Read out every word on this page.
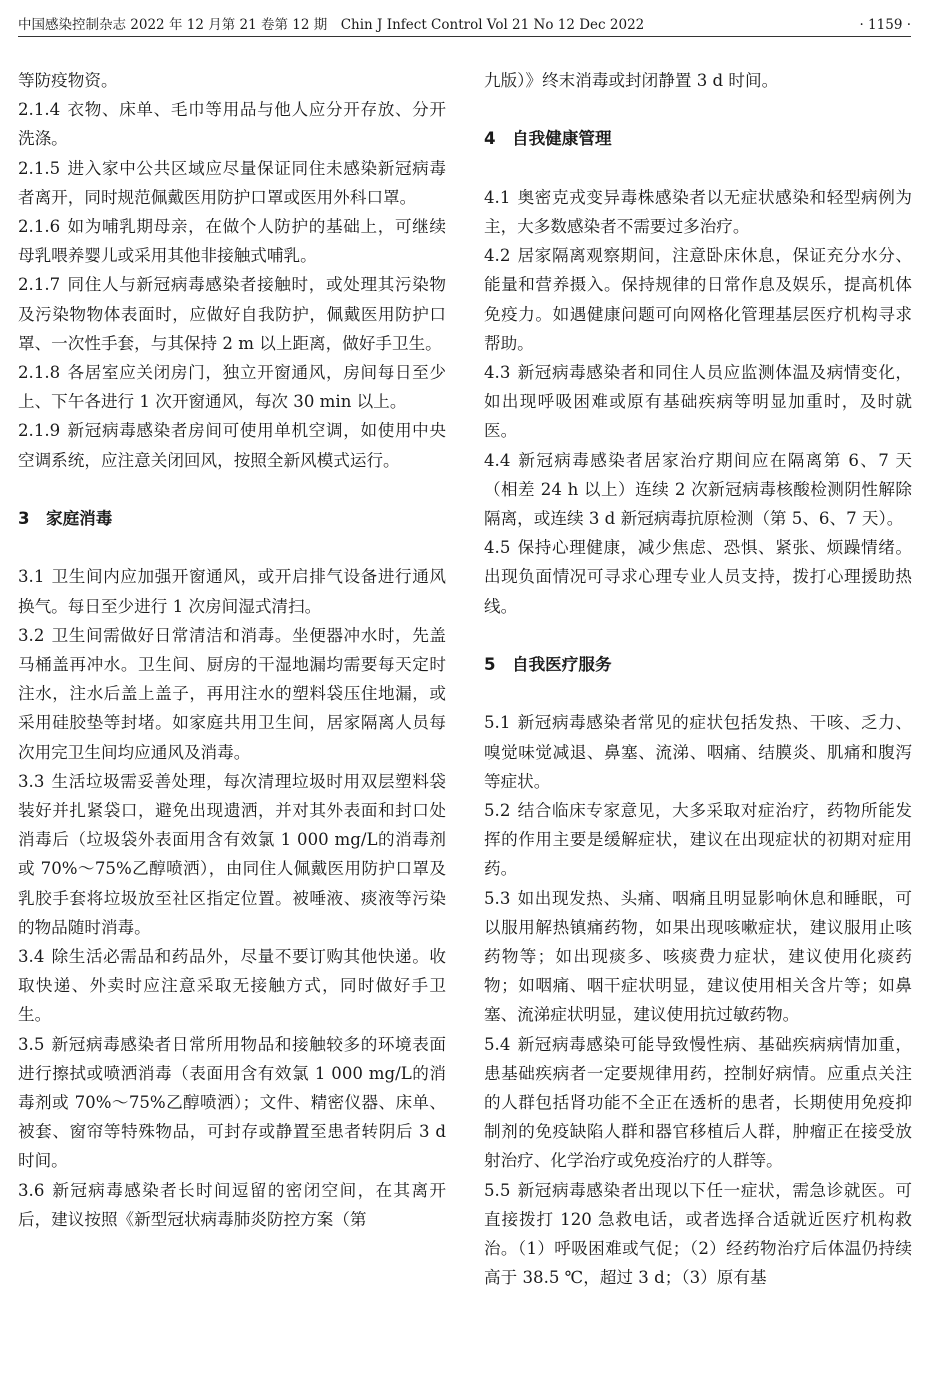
中国感染控制杂志 2022 年 12 月第 21 卷第 12 期　Chin J Infect Control Vol 21 No 12 Dec 2022	· 1159 ·

等防疫物资。

2.1.4 衣物、床单、毛巾等用品与他人应分开存放、分开洗涤。

2.1.5 进入家中公共区域应尽量保证同住未感染新冠病毒者离开，同时规范佩戴医用防护口罩或医用外科口罩。

2.1.6 如为哺乳期母亲，在做个人防护的基础上，可继续母乳喂养婴儿或采用其他非接触式哺乳。

2.1.7 同住人与新冠病毒感染者接触时，或处理其污染物及污染物物体表面时，应做好自我防护，佩戴医用防护口罩、一次性手套，与其保持 2 m 以上距离，做好手卫生。

2.1.8 各居室应关闭房门，独立开窗通风，房间每日至少上、下午各进行 1 次开窗通风，每次 30 min 以上。

2.1.9 新冠病毒感染者房间可使用单机空调，如使用中央空调系统，应注意关闭回风，按照全新风模式运行。

3 家庭消毒

3.1 卫生间内应加强开窗通风，或开启排气设备进行通风换气。每日至少进行 1 次房间湿式清扫。

3.2 卫生间需做好日常清洁和消毒。坐便器冲水时，先盖马桶盖再冲水。卫生间、厨房的干湿地漏均需要每天定时注水，注水后盖上盖子，再用注水的塑料袋压住地漏，或采用硅胶垫等封堵。如家庭共用卫生间，居家隔离人员每次用完卫生间均应通风及消毒。

3.3 生活垃圾需妥善处理，每次清理垃圾时用双层塑料袋装好并扎紧袋口，避免出现遗洒，并对其外表面和封口处消毒后（垃圾袋外表面用含有效氯 1 000 mg/L的消毒剂或 70%～75%乙醇喷洒），由同住人佩戴医用防护口罩及乳胶手套将垃圾放至社区指定位置。被唾液、痰液等污染的物品随时消毒。

3.4 除生活必需品和药品外，尽量不要订购其他快递。收取快递、外卖时应注意采取无接触方式，同时做好手卫生。

3.5 新冠病毒感染者日常所用物品和接触较多的环境表面进行擦拭或喷洒消毒（表面用含有效氯 1 000 mg/L的消毒剂或 70%～75%乙醇喷洒）；文件、精密仪器、床单、被套、窗帘等特殊物品，可封存或静置至患者转阴后 3 d 时间。

3.6 新冠病毒感染者长时间逗留的密闭空间，在其离开后，建议按照《新型冠状病毒肺炎防控方案（第

九版）》终末消毒或封闭静置 3 d 时间。

4 自我健康管理

4.1 奥密克戎变异毒株感染者以无症状感染和轻型病例为主，大多数感染者不需要过多治疗。

4.2 居家隔离观察期间，注意卧床休息，保证充分水分、能量和营养摄入。保持规律的日常作息及娱乐，提高机体免疫力。如遇健康问题可向网格化管理基层医疗机构寻求帮助。

4.3 新冠病毒感染者和同住人员应监测体温及病情变化，如出现呼吸困难或原有基础疾病等明显加重时，及时就医。

4.4 新冠病毒感染者居家治疗期间应在隔离第 6、7 天（相差 24 h 以上）连续 2 次新冠病毒核酸检测阴性解除隔离，或连续 3 d 新冠病毒抗原检测（第 5、6、7 天）。

4.5 保持心理健康，减少焦虑、恐惧、紧张、烦躁情绪。出现负面情况可寻求心理专业人员支持，拨打心理援助热线。

5 自我医疗服务

5.1 新冠病毒感染者常见的症状包括发热、干咳、乏力、嗅觉味觉减退、鼻塞、流涕、咽痛、结膜炎、肌痛和腹泻等症状。

5.2 结合临床专家意见，大多采取对症治疗，药物所能发挥的作用主要是缓解症状，建议在出现症状的初期对症用药。

5.3 如出现发热、头痛、咽痛且明显影响休息和睡眠，可以服用解热镇痛药物，如果出现咳嗽症状，建议服用止咳药物等；如出现痰多、咳痰费力症状，建议使用化痰药物；如咽痛、咽干症状明显，建议使用相关含片等；如鼻塞、流涕症状明显，建议使用抗过敏药物。

5.4 新冠病毒感染可能导致慢性病、基础疾病病情加重，患基础疾病者一定要规律用药，控制好病情。应重点关注的人群包括肾功能不全正在透析的患者，长期使用免疫抑制剂的免疫缺陷人群和器官移植后人群，肿瘤正在接受放射治疗、化学治疗或免疫治疗的人群等。

5.5 新冠病毒感染者出现以下任一症状，需急诊就医。可直接拨打 120 急救电话，或者选择合适就近医疗机构救治。（1）呼吸困难或气促；（2）经药物治疗后体温仍持续高于 38.5 ℃，超过 3 d；（3）原有基
